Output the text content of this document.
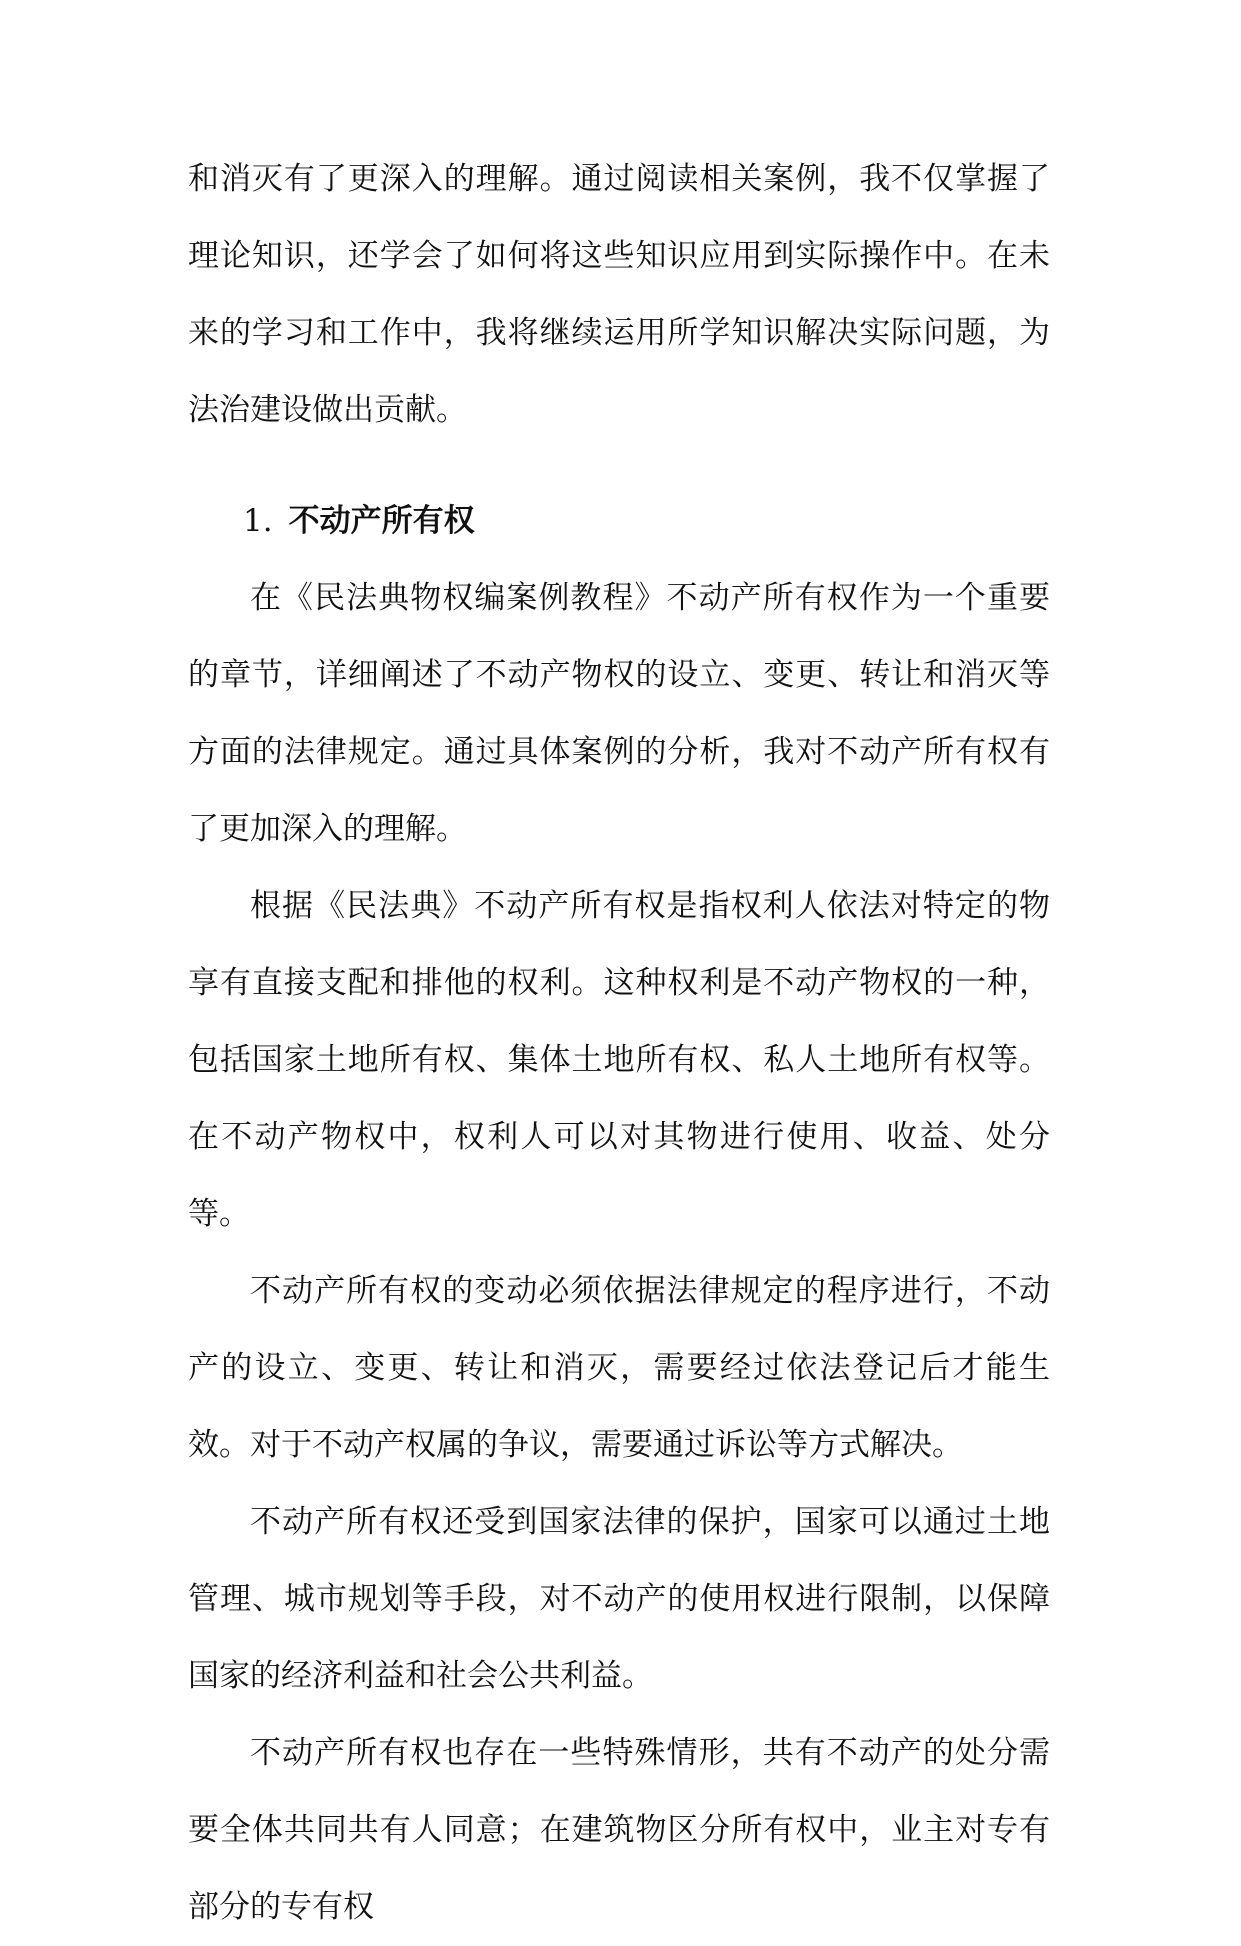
和消灭有了更深入的理解。通过阅读相关案例，我不仅掌握了理论知识，还学会了如何将这些知识应用到实际操作中。在未来的学习和工作中，我将继续运用所学知识解决实际问题，为法治建设做出贡献。

1. 不动产所有权

在《民法典物权编案例教程》不动产所有权作为一个重要的章节，详细阐述了不动产物权的设立、变更、转让和消灭等方面的法律规定。通过具体案例的分析，我对不动产所有权有了更加深入的理解。

根据《民法典》不动产所有权是指权利人依法对特定的物享有直接支配和排他的权利。这种权利是不动产物权的一种，包括国家土地所有权、集体土地所有权、私人土地所有权等。在不动产物权中，权利人可以对其物进行使用、收益、处分等。

不动产所有权的变动必须依据法律规定的程序进行，不动产的设立、变更、转让和消灭，需要经过依法登记后才能生效。对于不动产权属的争议，需要通过诉讼等方式解决。

不动产所有权还受到国家法律的保护，国家可以通过土地管理、城市规划等手段，对不动产的使用权进行限制，以保障国家的经济利益和社会公共利益。

不动产所有权也存在一些特殊情形，共有不动产的处分需要全体共同共有人同意；在建筑物区分所有权中，业主对专有部分的专有权
